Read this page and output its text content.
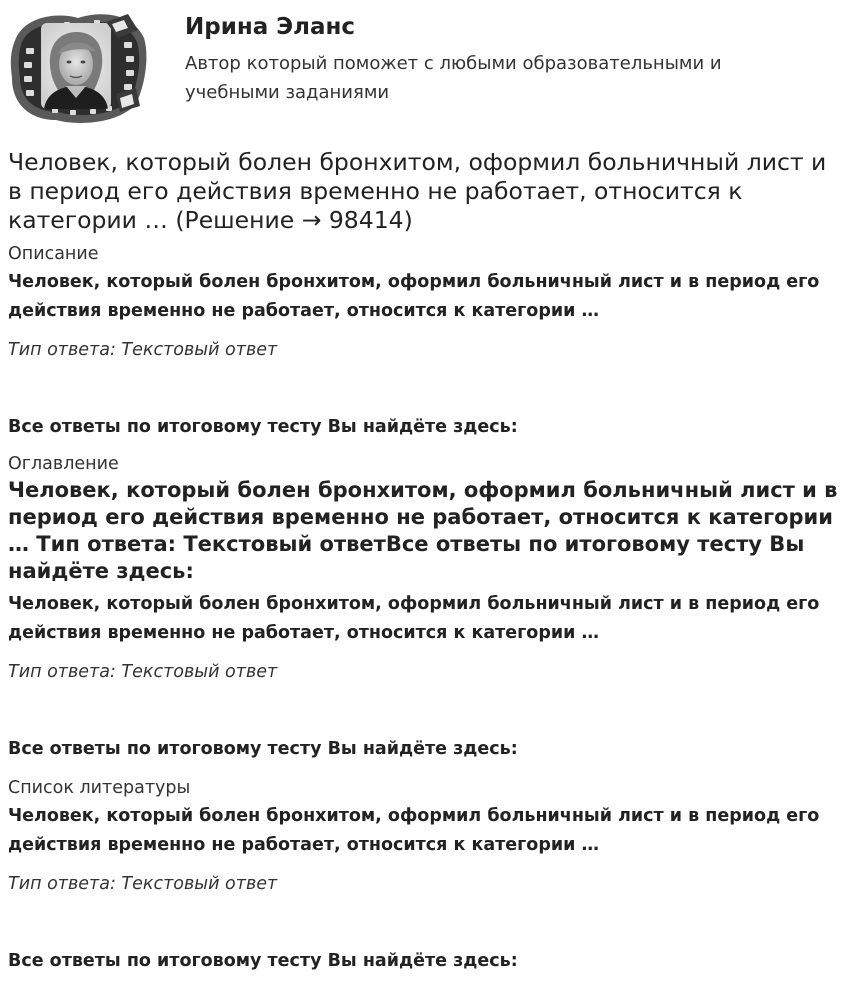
Ирина Эланс

Автор который поможет с любыми образовательными и учебными заданиями

Человек, который болен бронхитом, оформил больничный лист и в период его действия временно не работает, относится к категории … (Решение → 98414)

Описание

Человек, который болен бронхитом, оформил больничный лист и в период его действия временно не работает, относится к категории …

Тип ответа: Текстовый ответ

Все ответы по итоговому тесту Вы найдёте здесь:

Оглавление

Человек, который болен бронхитом, оформил больничный лист и в период его действия временно не работает, относится к категории … Тип ответа: Текстовый ответВсе ответы по итоговому тесту Вы найдёте здесь:

Человек, который болен бронхитом, оформил больничный лист и в период его действия временно не работает, относится к категории …

Тип ответа: Текстовый ответ

Все ответы по итоговому тесту Вы найдёте здесь:

Список литературы

Человек, который болен бронхитом, оформил больничный лист и в период его действия временно не работает, относится к категории …

Тип ответа: Текстовый ответ

Все ответы по итоговому тесту Вы найдёте здесь:
